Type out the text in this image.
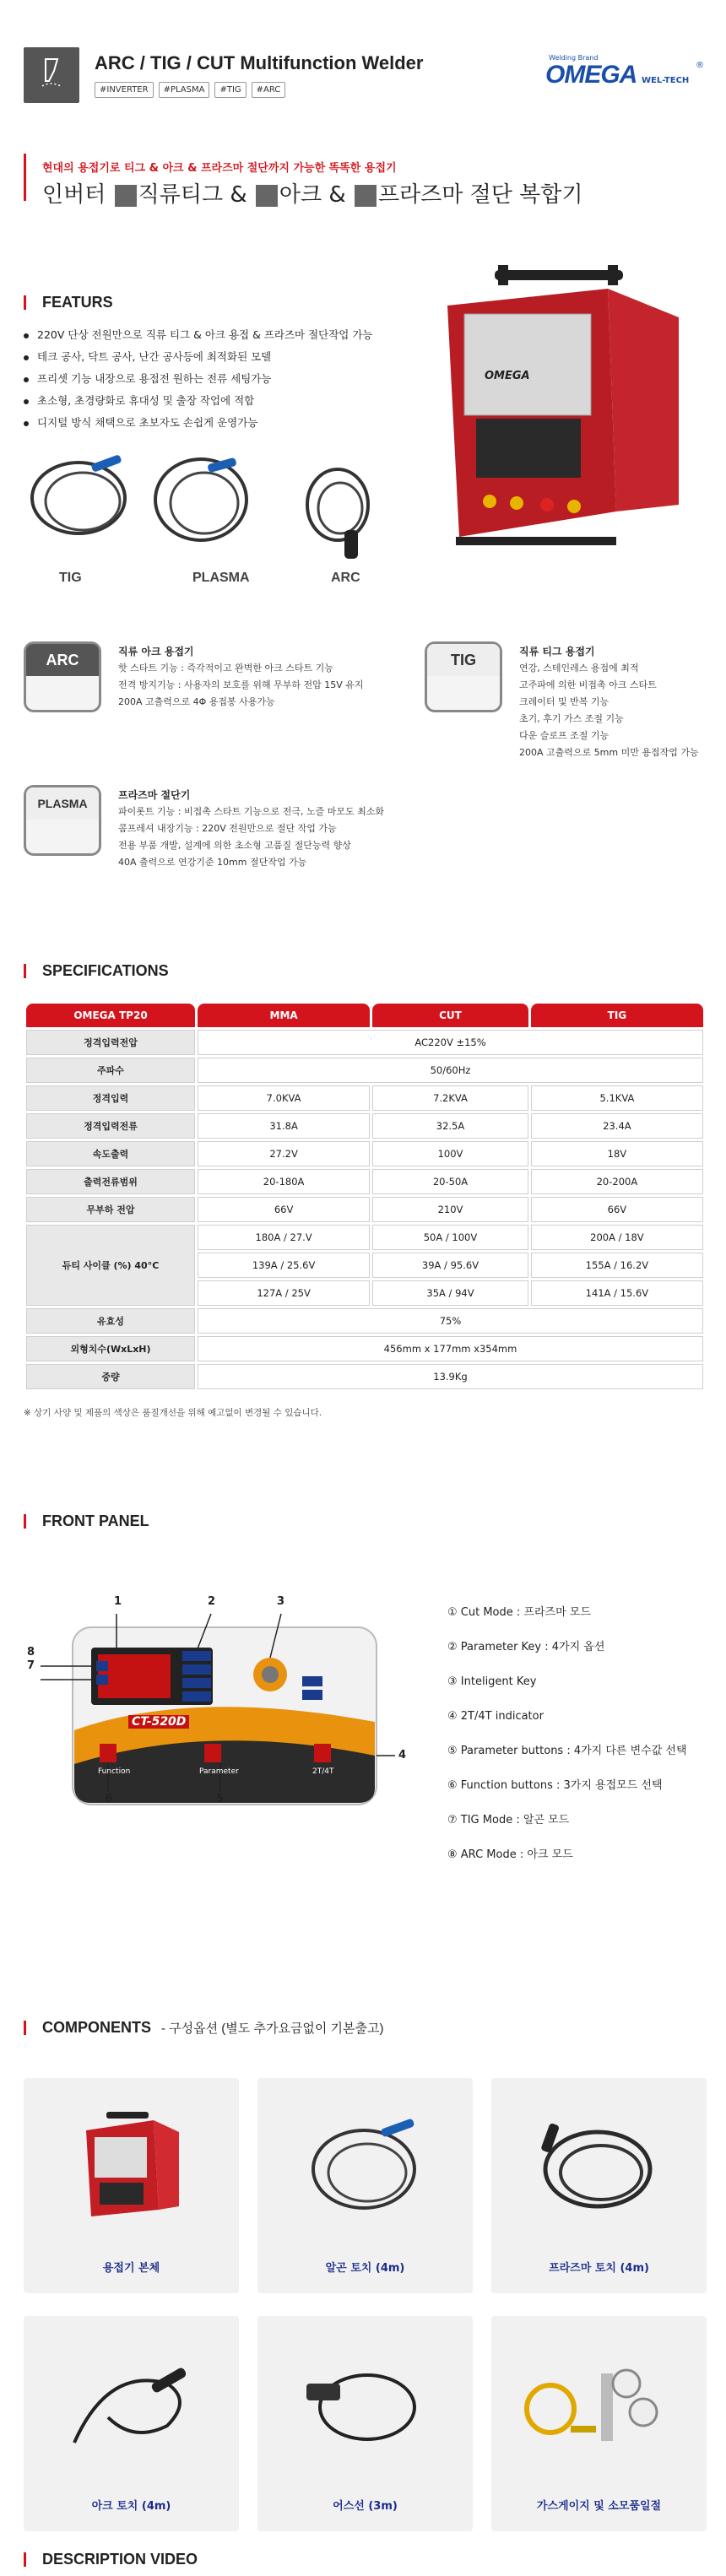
ARC / TIG / CUT Multifunction Welder
#INVERTER #PLASMA #TIG #ARC
Welding Brand
OMEGA WEL-TECH
®
현대의 용접기로 티그 & 아크 & 프라즈마 절단까지 가능한 똑똑한 용접기
인버터 직류티그 & 아크 & 프라즈마 절단 복합기
FEATURS
220V 단상 전원만으로 직류 티그 & 아크 용접 & 프라즈마 절단작업 가능
테크 공사, 닥트 공사, 난간 공사등에 최적화된 모델
프리셋 기능 내장으로 용접전 원하는 전류 세팅가능
초소형, 초경량화로 휴대성 및 출장 작업에 적합
디지털 방식 채택으로 초보자도 손쉽게 운영가능
TIG	PLASMA	ARC
OMEGA
ARC	직류 아크 용접기
핫 스타트 기능 : 즉각적이고 완벽한 아크 스타트 기능
전격 방지기능 : 사용자의 보호를 위해 무부하 전압 15V 유지
200A 고출력으로 4Φ 용접봉 사용가능
TIG	직류 티그 용접기
연강, 스테인레스 용접에 최적
고주파에 의한 비접촉 아크 스타트
크레이터 및 반복 기능
초기, 후기 가스 조절 기능
다운 슬로프 조절 기능
200A 고출력으로 5mm 미만 용접작업 가능
PLASMA
프라즈마 절단기
파이롯트 기능 : 비접촉 스타트 기능으로 전극, 노즐 마모도 최소화
콤프레셔 내장기능 : 220V 전원만으로 절단 작업 가능
전용 부품 개발, 설계에 의한 초소형 고품질 절단능력 향상
40A 출력으로 연강기준 10mm 절단작업 가능
SPECIFICATIONS
OMEGA TP20	MMA	CUT	TIG
정격입력전압	AC220V ±15%		
주파수	50/60Hz		
정격입력	7.0KVA	7.2KVA	5.1KVA
정격입력전류	31.8A	32.5A	23.4A
속도출력	27.2V	100V	18V
출력전류범위	20-180A	20-50A	20-200A
무부하 전압	66V	210V	66V
듀티 사이클 (%) 40°C	180A / 27.V	50A / 100V	200A / 18V
	139A / 25.6V	39A / 95.6V	155A / 16.2V
	127A / 25V	35A / 94V	141A / 15.6V
유효성	75%		
외형치수(WxLxH)	456mm x 177mm x354mm		
중량	13.9Kg		
※ 상기 사양 및 제품의 색상은 품질개선을 위해 예고없이 변경될 수 있습니다.
FRONT PANEL
CT-520D
Function	Parameter	2T/4T
1	2	3
4
5
6
7
8
① Cut Mode : 프라즈마 모드
② Parameter Key : 4가지 옵션
③ Inteligent Key
④ 2T/4T indicator
⑤ Parameter buttons : 4가지 다른 변수값 선택
⑥ Function buttons : 3가지 용접모드 선택
⑦ TIG Mode : 알곤 모드
⑧ ARC Mode : 아크 모드
COMPONENTS - 구성옵션 (별도 추가요금없이 기본출고)
용접기 본체	알곤 토치 (4m)	프라즈마 토치 (4m)
아크 토치 (4m)	어스선 (3m)	가스게이지 및 소모품일절
DESCRIPTION VIDEO
